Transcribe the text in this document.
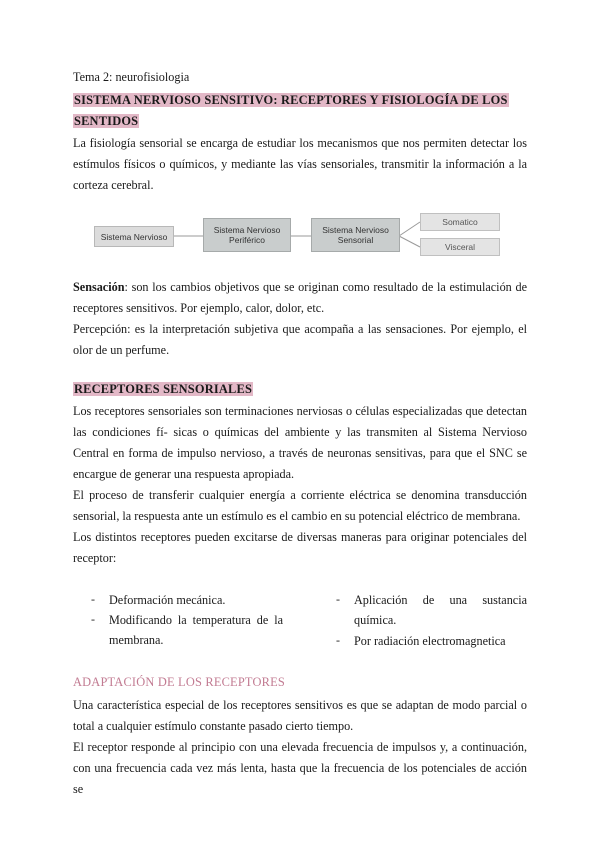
Tema 2: neurofisiologia
SISTEMA NERVIOSO SENSITIVO: RECEPTORES Y FISIOLOGÍA DE LOS
SENTIDOS
La fisiología sensorial se encarga de estudiar los mecanismos que nos permiten detectar los estímulos físicos o químicos, y mediante las vías sensoriales, transmitir la información a la corteza cerebral.
Sistema Nervioso
Sistema Nervioso Periférico
Sistema Nervioso Sensorial
Somatico
Visceral
Sensación: son los cambios objetivos que se originan como resultado de la estimulación de receptores sensitivos. Por ejemplo, calor, dolor, etc.
Percepción: es la interpretación subjetiva que acompaña a las sensaciones. Por ejemplo, el olor de un perfume.
RECEPTORES SENSORIALES
Los receptores sensoriales son terminaciones nerviosas o células especializadas que detectan las condiciones fí- sicas o químicas del ambiente y las transmiten al Sistema Nervioso Central en forma de impulso nervioso, a través de neuronas sensitivas, para que el SNC se encargue de generar una respuesta apropiada.
El proceso de transferir cualquier energía a corriente eléctrica se denomina transducción sensorial, la respuesta ante un estímulo es el cambio en su potencial eléctrico de membrana.
Los distintos receptores pueden excitarse de diversas maneras para originar potenciales del receptor:
- Deformación mecánica.
- Modificando la temperatura de la membrana.
- Aplicación de una sustancia química.
- Por radiación electromagnetica
ADAPTACIÓN DE LOS RECEPTORES
Una característica especial de los receptores sensitivos es que se adaptan de modo parcial o total a cualquier estímulo constante pasado cierto tiempo.
El receptor responde al principio con una elevada frecuencia de impulsos y, a continuación, con una frecuencia cada vez más lenta, hasta que la frecuencia de los potenciales de acción se
